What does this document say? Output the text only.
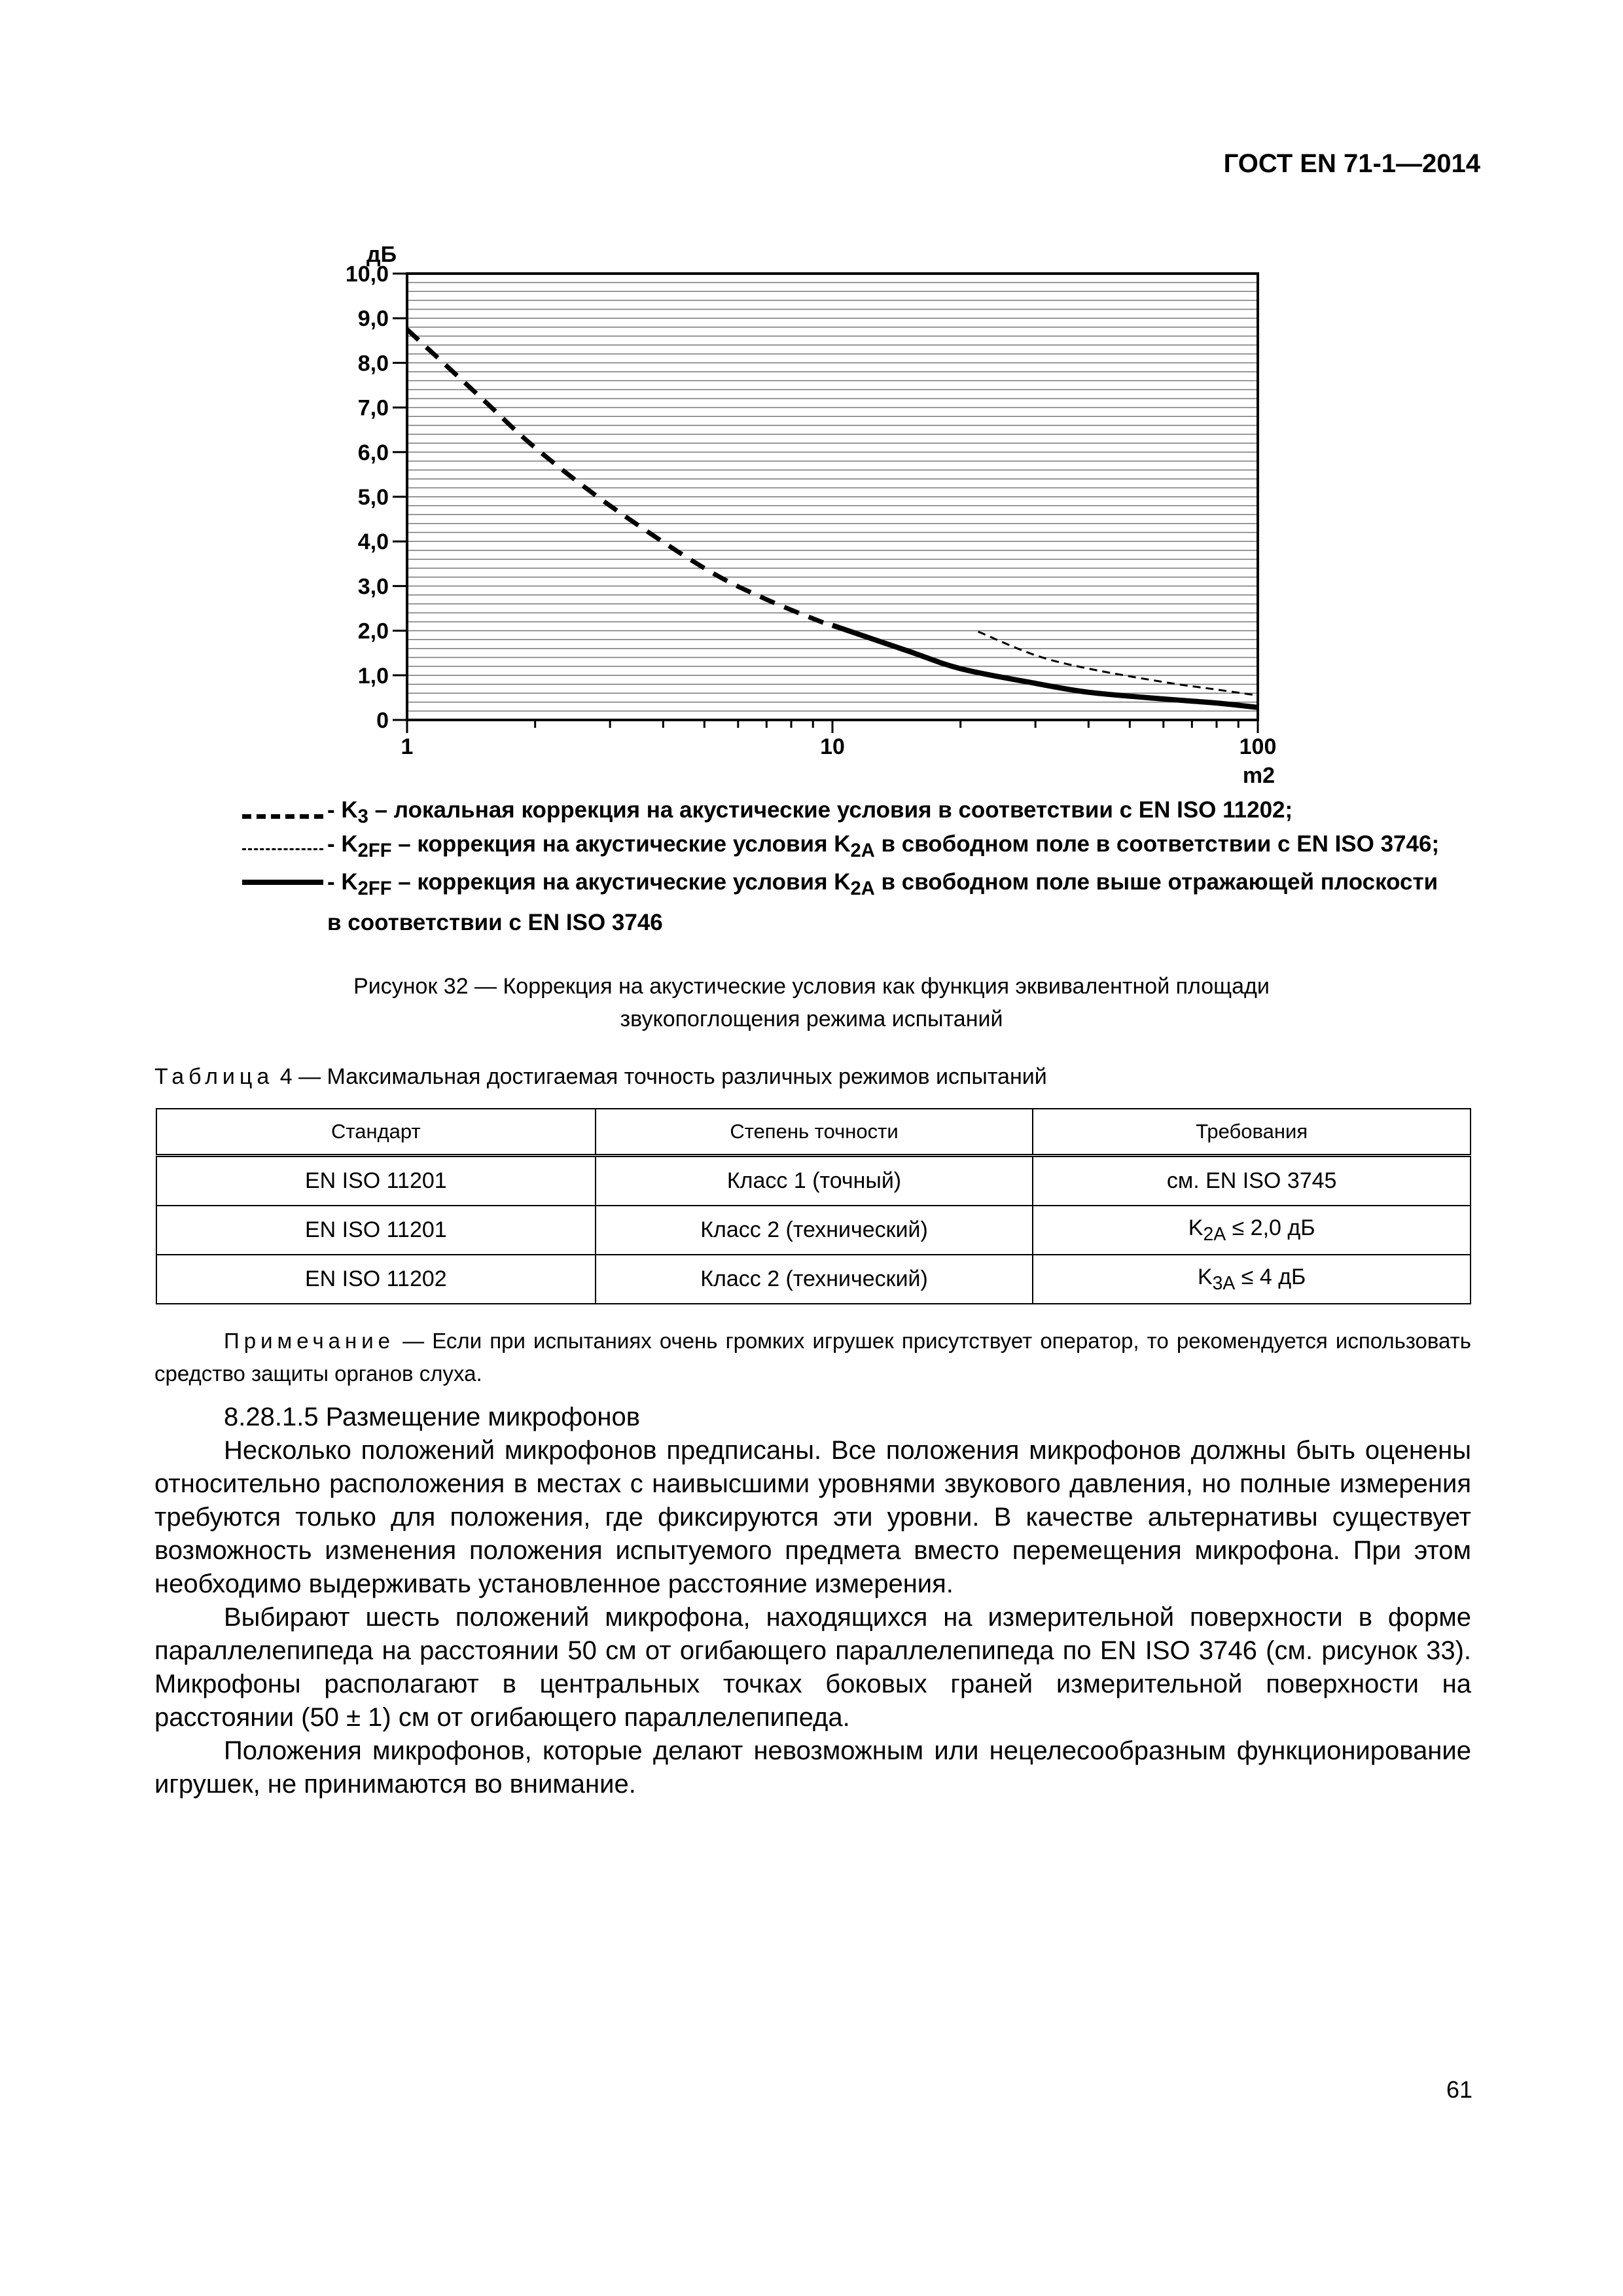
ГОСТ EN 71-1—2014
0
1,0
2,0
3,0
4,0
5,0
6,0
7,0
8,0
9,0
10,0
1	10	100
дБ
m2
- $K_3$ – локальная коррекция на акустические условия в соответствии с EN ISO 11202;
- $K_{2FF}$ – коррекция на акустические условия $K_{2A}$ в свободном поле в соответствии с EN ISO 3746;
- $K_{2FF}$ – коррекция на акустические условия $K_{2A}$ в свободном поле выше отражающей плоскости в соответствии с EN ISO 3746
Рисунок 32 — Коррекция на акустические условия как функция эквивалентной площади
звукопоглощения режима испытаний
Таблица 4 — Максимальная достигаемая точность различных режимов испытаний
Стандарт	Степень точности	Требования
EN ISO 11201	Класс 1 (точный)	см. EN ISO 3745
EN ISO 11201	Класс 2 (технический)	$K_{2A} \le 2,0$ дБ
EN ISO 11202	Класс 2 (технический)	$K_{3A} \le 4$ дБ
Примечание — Если при испытаниях очень громких игрушек присутствует оператор, то рекомендуется использовать средство защиты органов слуха.

8.28.1.5 Размещение микрофонов

Несколько положений микрофонов предписаны. Все положения микрофонов должны быть оценены относительно расположения в местах с наивысшими уровнями звукового давления, но полные измерения требуются только для положения, где фиксируются эти уровни. В качестве альтернативы существует возможность изменения положения испытуемого предмета вместо перемещения микрофона. При этом необходимо выдерживать установленное расстояние измерения.

Выбирают шесть положений микрофона, находящихся на измерительной поверхности в форме параллелепипеда на расстоянии 50 см от огибающего параллелепипеда по EN ISO 3746 (см. рисунок 33). Микрофоны располагают в центральных точках боковых граней измерительной поверхности на расстоянии (50 ± 1) см от огибающего параллелепипеда.

Положения микрофонов, которые делают невозможным или нецелесообразным функционирование игрушек, не принимаются во внимание.

61
